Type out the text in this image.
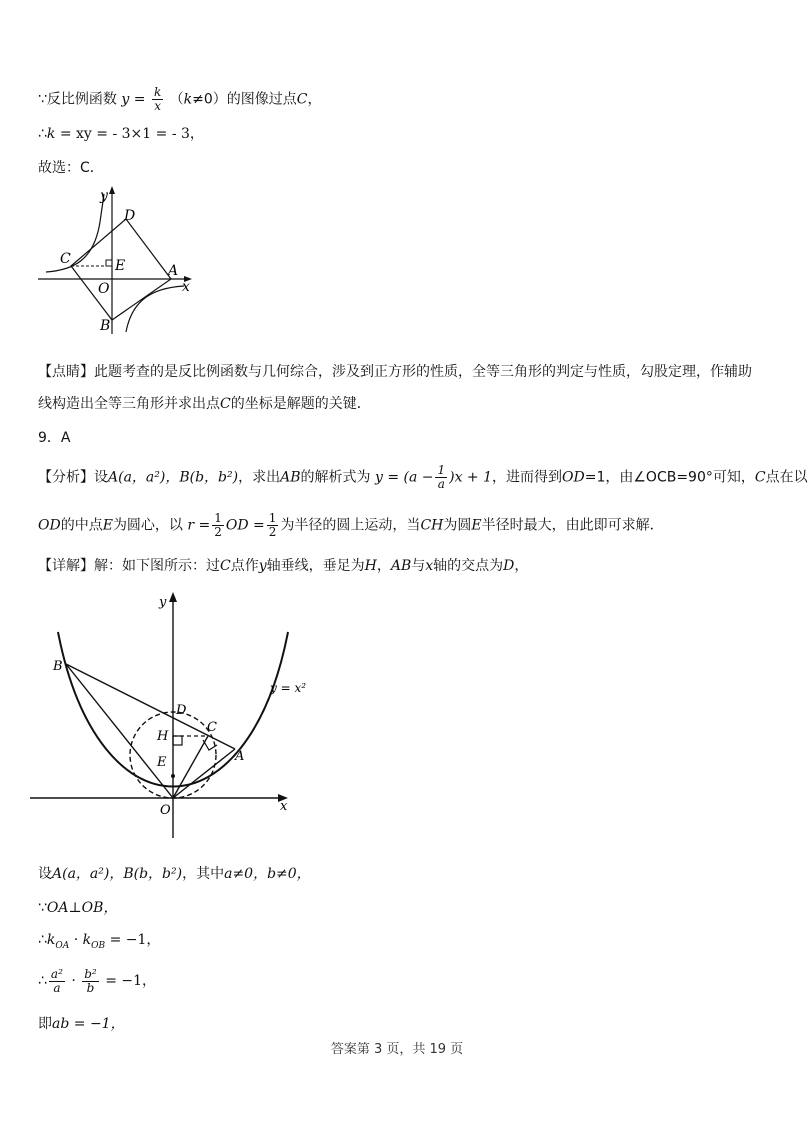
∵反比例函数 $y = \frac{k}{x} (k\ne 0)$的图像过点C，
∴k = xy = - 3×1 = - 3，
故选：C．
y
D
C	E	A
O	x
B
【点睛】此题考查的是反比例函数与几何综合，涉及到正方形的性质，全等三角形的判定与性质，勾股定理，作辅助
线构造出全等三角形并求出点C的坐标是解题的关键．
9．A
【分析】设A(a，a²)，B(b，b²)，求出AB的解析式为 $y = (a - \frac{1}{a} )x + 1$，进而得到OD=1，由∠OCB=90°可知，C点在以
OD的中点E为圆心，以 $r = \frac{1}{2}$ OD = $\frac{1}{2}$ 为半径的圆上运动，当CH为圆E半径时最大，由此即可求解．
【详解】解：如下图所示：过C点作y轴垂线，垂足为H，AB与x轴的交点为D，
y
B
D
C
H
E	A
O	x
y = x²
设A(a，a²)，B(b，b²)，其中a≠0，b≠0，
∵OA⊥OB，
$\therefore k_{OA} \cdot k_{OB} = -1$，
∴ $\frac{\text{a²}}{a} \cdot \frac{\text{b²}}{b} = -1$，
即ab = −1，
答案第 3 页，共 19 页
